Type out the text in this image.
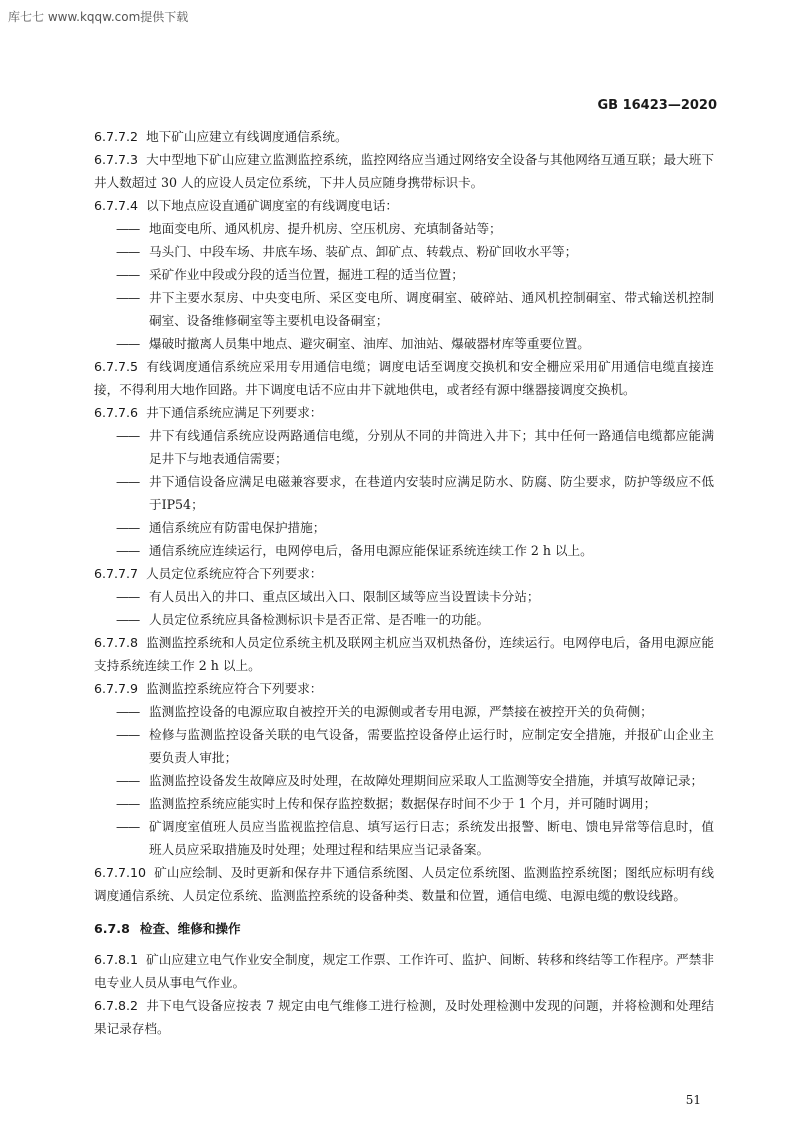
库七七 www.kqqw.com提供下载
GB 16423—2020
6.7.7.2 地下矿山应建立有线调度通信系统。
6.7.7.3 大中型地下矿山应建立监测监控系统，监控网络应当通过网络安全设备与其他网络互通互联；最大班下井人数超过 30 人的应设人员定位系统，下井人员应随身携带标识卡。
6.7.7.4 以下地点应设直通矿调度室的有线调度电话：
—— 地面变电所、通风机房、提升机房、空压机房、充填制备站等；
—— 马头门、中段车场、井底车场、装矿点、卸矿点、转载点、粉矿回收水平等；
—— 采矿作业中段或分段的适当位置，掘进工程的适当位置；
—— 井下主要水泵房、中央变电所、采区变电所、调度硐室、破碎站、通风机控制硐室、带式输送机控制硐室、设备维修硐室等主要机电设备硐室；
—— 爆破时撤离人员集中地点、避灾硐室、油库、加油站、爆破器材库等重要位置。
6.7.7.5 有线调度通信系统应采用专用通信电缆；调度电话至调度交换机和安全栅应采用矿用通信电缆直接连接，不得利用大地作回路。井下调度电话不应由井下就地供电，或者经有源中继器接调度交换机。
6.7.7.6 井下通信系统应满足下列要求：
—— 井下有线通信系统应设两路通信电缆，分别从不同的井筒进入井下；其中任何一路通信电缆都应能满足井下与地表通信需要；
—— 井下通信设备应满足电磁兼容要求，在巷道内安装时应满足防水、防腐、防尘要求，防护等级应不低于IP54；
—— 通信系统应有防雷电保护措施；
—— 通信系统应连续运行，电网停电后，备用电源应能保证系统连续工作 2 h 以上。
6.7.7.7 人员定位系统应符合下列要求：
—— 有人员出入的井口、重点区域出入口、限制区域等应当设置读卡分站；
—— 人员定位系统应具备检测标识卡是否正常、是否唯一的功能。
6.7.7.8 监测监控系统和人员定位系统主机及联网主机应当双机热备份，连续运行。电网停电后，备用电源应能支持系统连续工作 2 h 以上。
6.7.7.9 监测监控系统应符合下列要求：
—— 监测监控设备的电源应取自被控开关的电源侧或者专用电源，严禁接在被控开关的负荷侧；
—— 检修与监测监控设备关联的电气设备，需要监控设备停止运行时，应制定安全措施，并报矿山企业主要负责人审批；
—— 监测监控设备发生故障应及时处理，在故障处理期间应采取人工监测等安全措施，并填写故障记录；
—— 监测监控系统应能实时上传和保存监控数据；数据保存时间不少于 1 个月，并可随时调用；
—— 矿调度室值班人员应当监视监控信息、填写运行日志；系统发出报警、断电、馈电异常等信息时，值班人员应采取措施及时处理；处理过程和结果应当记录备案。
6.7.7.10 矿山应绘制、及时更新和保存井下通信系统图、人员定位系统图、监测监控系统图；图纸应标明有线调度通信系统、人员定位系统、监测监控系统的设备种类、数量和位置，通信电缆、电源电缆的敷设线路。
6.7.8 检查、维修和操作
6.7.8.1 矿山应建立电气作业安全制度，规定工作票、工作许可、监护、间断、转移和终结等工作程序。严禁非电专业人员从事电气作业。
6.7.8.2 井下电气设备应按表 7 规定由电气维修工进行检测，及时处理检测中发现的问题，并将检测和处理结果记录存档。
51
